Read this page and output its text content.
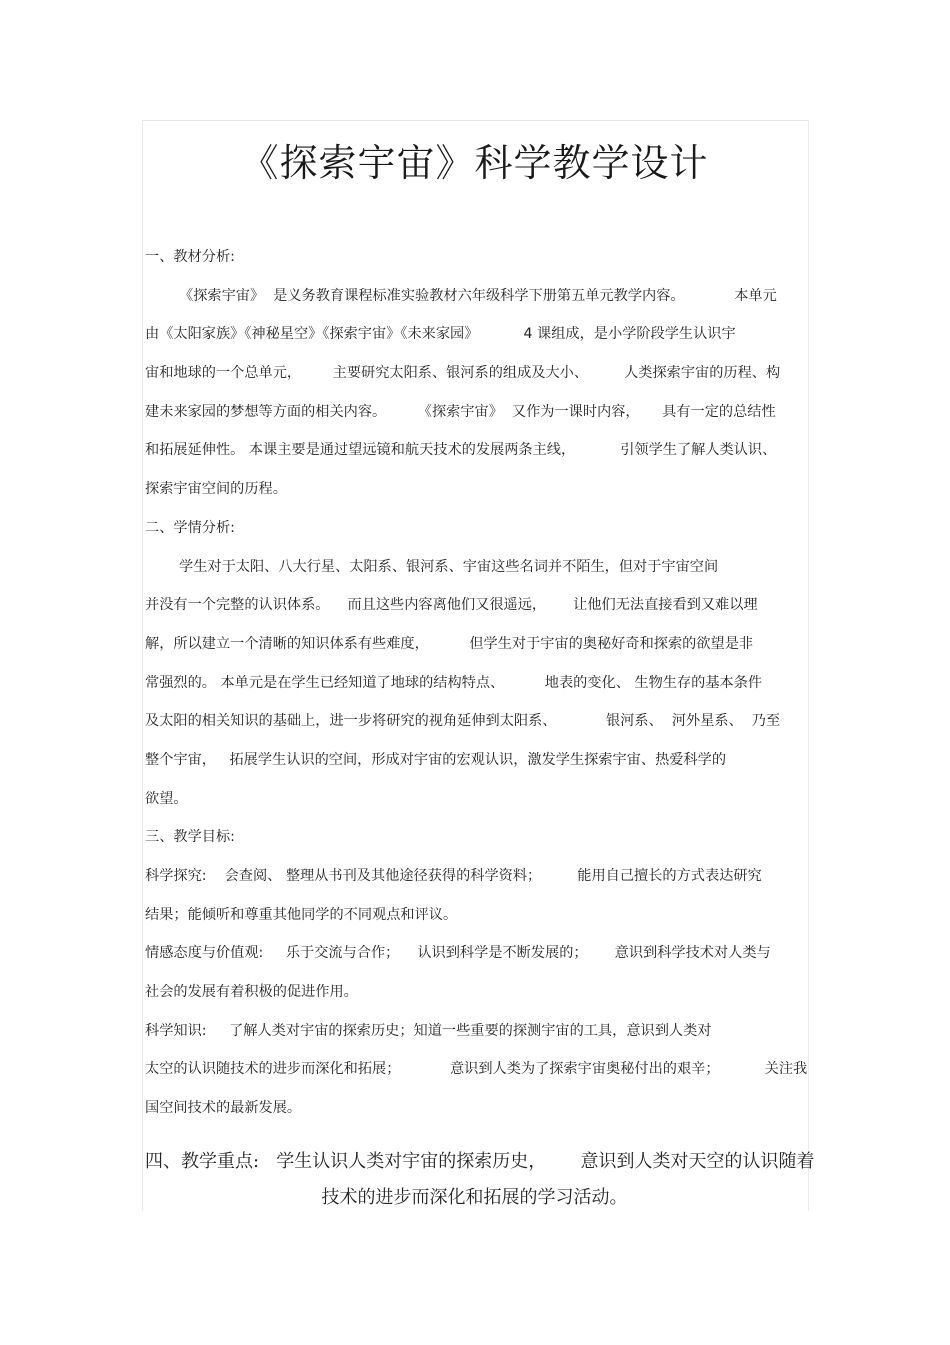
《探索宇宙》科学教学设计
一、教材分析:
《探索宇宙》  是义务教育课程标准实验教材六年级科学下册第五单元教学内容。           本单元
由《太阳家族》《神秘星空》《探索宇宙》《未来家园》          4 课组成，是小学阶段学生认识宇
宙和地球的一个总单元，       主要研究太阳系、银河系的组成及大小、        人类探索宇宙的历程、构
建未来家园的梦想等方面的相关内容。       《探索宇宙》  又作为一课时内容，     具有一定的总结性
和拓展延伸性。 本课主要是通过望远镜和航天技术的发展两条主线，          引领学生了解人类认识、
探索宇宙空间的历程。
二、学情分析:
学生对于太阳、八大行星、太阳系、银河系、宇宙这些名词并不陌生，但对于宇宙空间
并没有一个完整的认识体系。    而且这些内容离他们又很遥远，      让他们无法直接看到又难以理
解，所以建立一个清晰的知识体系有些难度，         但学生对于宇宙的奥秘好奇和探索的欲望是非
常强烈的。 本单元是在学生已经知道了地球的结构特点、         地表的变化、 生物生存的基本条件
及太阳的相关知识的基础上，进一步将研究的视角延伸到太阳系、           银河系、  河外星系、  乃至
整个宇宙，   拓展学生认识的空间，形成对宇宙的宏观认识，激发学生探索宇宙、热爱科学的
欲望。
三、教学目标:
科学探究:    会查阅、 整理从书刊及其他途径获得的科学资料；        能用自己擅长的方式表达研究
结果；能倾听和尊重其他同学的不同观点和评议。
情感态度与价值观:     乐于交流与合作；    认识到科学是不断发展的；      意识到科学技术对人类与
社会的发展有着积极的促进作用。
科学知识:     了解人类对宇宙的探索历史；知道一些重要的探测宇宙的工具，意识到人类对
太空的认识随技术的进步而深化和拓展；           意识到人类为了探索宇宙奥秘付出的艰辛；          关注我
国空间技术的最新发展。
四、教学重点:   学生认识人类对宇宙的探索历史，      意识到人类对天空的认识随着
技术的进步而深化和拓展的学习活动。
